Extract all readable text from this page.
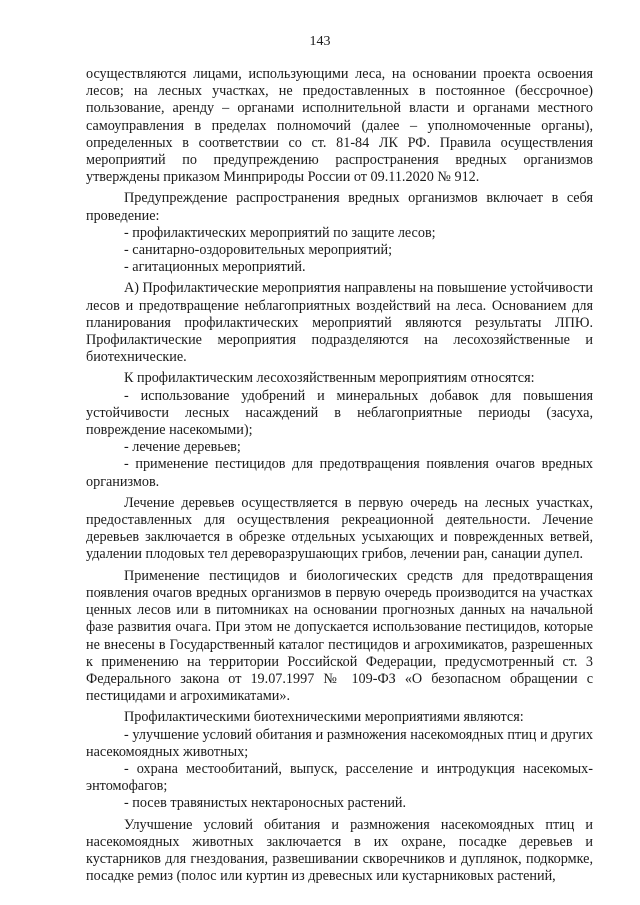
143

осуществляются лицами, использующими леса, на основании проекта освоения лесов; на лесных участках, не предоставленных в постоянное (бессрочное) пользование, аренду – органами исполнительной власти и органами местного самоуправления в пределах полномочий (далее – уполномоченные органы), определенных в соответствии со ст. 81-84 ЛК РФ. Правила осуществления мероприятий по предупреждению распространения вредных организмов утверждены приказом Минприроды России от 09.11.2020 № 912.

Предупреждение распространения вредных организмов включает в себя проведение:

- профилактических мероприятий по защите лесов;

- санитарно-оздоровительных мероприятий;

- агитационных мероприятий.

А) Профилактические мероприятия направлены на повышение устойчивости лесов и предотвращение неблагоприятных воздействий на леса. Основанием для планирования профилактических мероприятий являются результаты ЛПЮ. Профилактические мероприятия подразделяются на лесохозяйственные и биотехнические.

К профилактическим лесохозяйственным мероприятиям относятся:

- использование удобрений и минеральных добавок для повышения устойчивости лесных насаждений в неблагоприятные периоды (засуха, повреждение насекомыми);

- лечение деревьев;

- применение пестицидов для предотвращения появления очагов вредных организмов.

Лечение деревьев осуществляется в первую очередь на лесных участках, предоставленных для осуществления рекреационной деятельности. Лечение деревьев заключается в обрезке отдельных усыхающих и поврежденных ветвей, удалении плодовых тел дереворазрушающих грибов, лечении ран, санации дупел.

Применение пестицидов и биологических средств для предотвращения появления очагов вредных организмов в первую очередь производится на участках ценных лесов или в питомниках на основании прогнозных данных на начальной фазе развития очага. При этом не допускается использование пестицидов, которые не внесены в Государственный каталог пестицидов и агрохимикатов, разрешенных к применению на территории Российской Федерации, предусмотренный ст. 3 Федерального закона от 19.07.1997 № 109-ФЗ «О безопасном обращении с пестицидами и агрохимикатами».

Профилактическими биотехническими мероприятиями являются:

- улучшение условий обитания и размножения насекомоядных птиц и других насекомоядных животных;

- охрана местообитаний, выпуск, расселение и интродукция насекомых-энтомофагов;

- посев травянистых нектароносных растений.

Улучшение условий обитания и размножения насекомоядных птиц и насекомоядных животных заключается в их охране, посадке деревьев и кустарников для гнездования, развешивании скворечников и дуплянок, подкормке, посадке ремиз (полос или куртин из древесных или кустарниковых растений,
